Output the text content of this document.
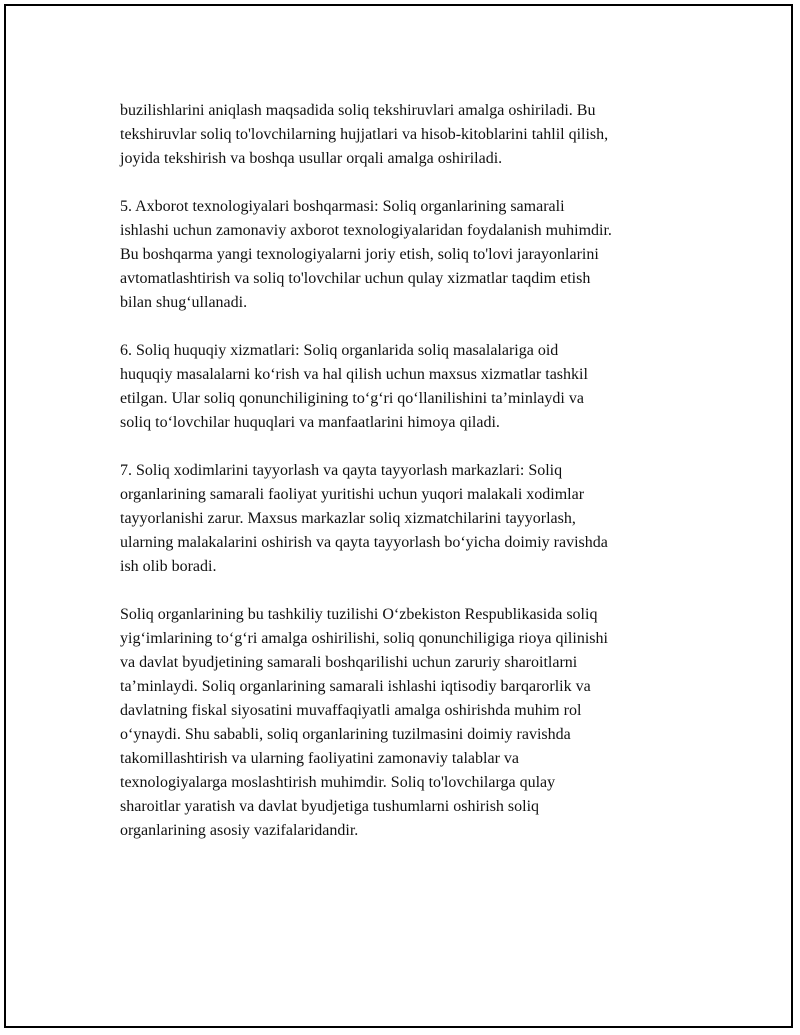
buzilishlarini aniqlash maqsadida soliq tekshiruvlari amalga oshiriladi. Bu
tekshiruvlar soliq to'lovchilarning hujjatlari va hisob-kitoblarini tahlil qilish,
joyida tekshirish va boshqa usullar orqali amalga oshiriladi.

5. Axborot texnologiyalari boshqarmasi: Soliq organlarining samarali
ishlashi uchun zamonaviy axborot texnologiyalaridan foydalanish muhimdir.
Bu boshqarma yangi texnologiyalarni joriy etish, soliq to'lovi jarayonlarini
avtomatlashtirish va soliq to'lovchilar uchun qulay xizmatlar taqdim etish
bilan shug‘ullanadi.

6. Soliq huquqiy xizmatlari: Soliq organlarida soliq masalalariga oid
huquqiy masalalarni ko‘rish va hal qilish uchun maxsus xizmatlar tashkil
etilgan. Ular soliq qonunchiligining to‘g‘ri qo‘llanilishini ta’minlaydi va
soliq to‘lovchilar huquqlari va manfaatlarini himoya qiladi.

7. Soliq xodimlarini tayyorlash va qayta tayyorlash markazlari: Soliq
organlarining samarali faoliyat yuritishi uchun yuqori malakali xodimlar
tayyorlanishi zarur. Maxsus markazlar soliq xizmatchilarini tayyorlash,
ularning malakalarini oshirish va qayta tayyorlash bo‘yicha doimiy ravishda
ish olib boradi.

Soliq organlarining bu tashkiliy tuzilishi O‘zbekiston Respublikasida soliq
yig‘imlarining to‘g‘ri amalga oshirilishi, soliq qonunchiligiga rioya qilinishi
va davlat byudjetining samarali boshqarilishi uchun zaruriy sharoitlarni
ta’minlaydi. Soliq organlarining samarali ishlashi iqtisodiy barqarorlik va
davlatning fiskal siyosatini muvaffaqiyatli amalga oshirishda muhim rol
o‘ynaydi. Shu sababli, soliq organlarining tuzilmasini doimiy ravishda
takomillashtirish va ularning faoliyatini zamonaviy talablar va
texnologiyalarga moslashtirish muhimdir. Soliq to'lovchilarga qulay
sharoitlar yaratish va davlat byudjetiga tushumlarni oshirish soliq
organlarining asosiy vazifalaridandir.
